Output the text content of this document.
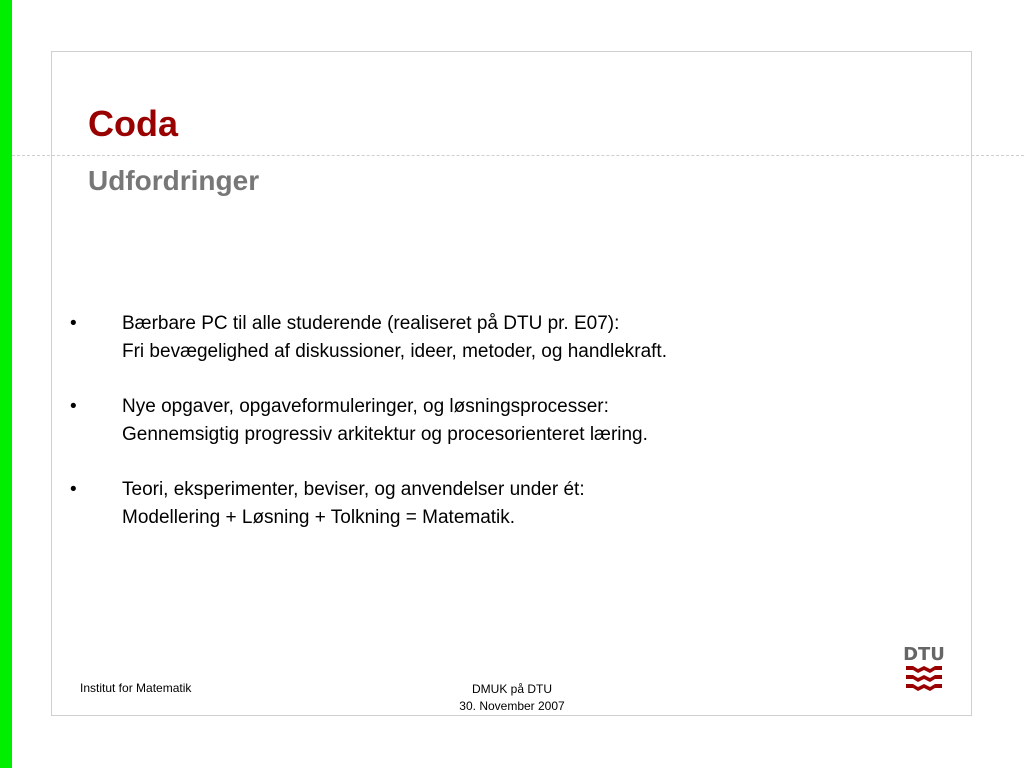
Coda
Udfordringer
•	Bærbare PC til alle studerende (realiseret på DTU pr. E07):
Fri bevægelighed af diskussioner, ideer, metoder, og handlekraft.
•	Nye opgaver, opgaveformuleringer, og løsningsprocesser:
Gennemsigtig progressiv arkitektur og procesorienteret læring.
•	Teori, eksperimenter, beviser, og anvendelser under ét:
Modellering + Løsning + Tolkning = Matematik.
Institut for Matematik	DMUK på DTU
30. November 2007
DTU
